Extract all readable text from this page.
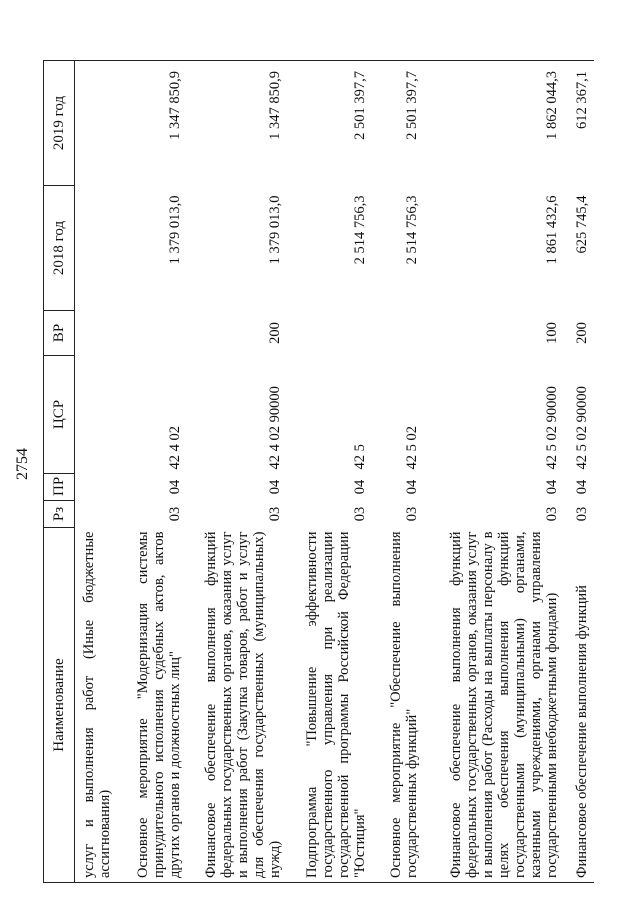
2754
Наименование	Рз	ПР	ЦСР	ВР	2018 год	2019 год
услуг и выполнения работ (Иные бюджетные ассигнования)						
Основное мероприятие "Модернизация системы принудительного исполнения судебных актов, актов других органов и должностных лиц"	03	04	42 4 02		1 379 013,0	1 347 850,9
Финансовое обеспечение выполнения функций федеральных государственных органов, оказания услуг и выполнения работ (Закупка товаров, работ и услуг для обеспечения государственных (муниципальных) нужд)	03	04	42 4 02 90000	200	1 379 013,0	1 347 850,9
Подпрограмма "Повышение эффективности государственного управления при реализации государственной программы Российской Федерации "Юстиция"	03	04	42 5		2 514 756,3	2 501 397,7
Основное мероприятие "Обеспечение выполнения государственных функций"	03	04	42 5 02		2 514 756,3	2 501 397,7
Финансовое обеспечение выполнения функций федеральных государственных органов, оказания услуг и выполнения работ (Расходы на выплаты персоналу в целях обеспечения выполнения функций государственными (муниципальными) органами, казенными учреждениями, органами управления государственными внебюджетными фондами)	03	04	42 5 02 90000	100	1 861 432,6	1 862 044,3
Финансовое обеспечение выполнения функций	03	04	42 5 02 90000	200	625 745,4	612 367,1
